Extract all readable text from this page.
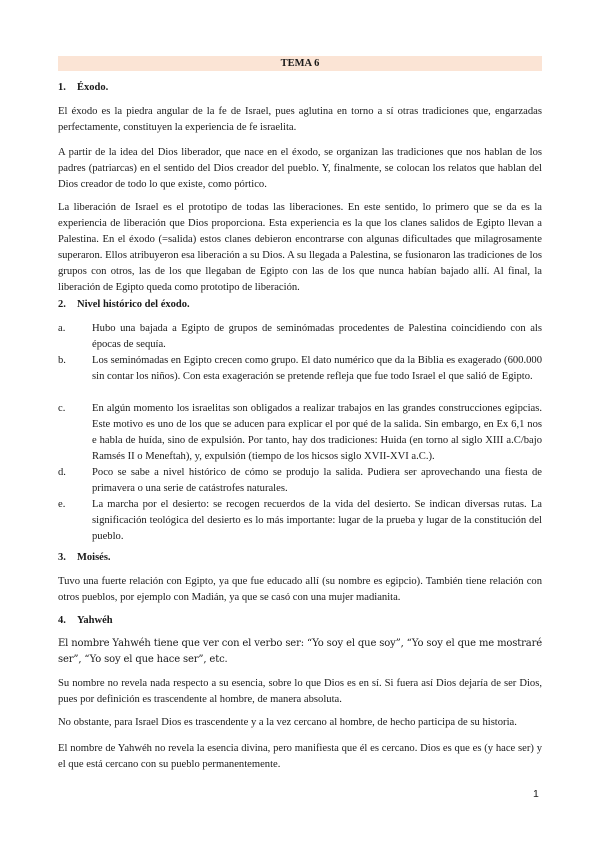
TEMA 6
1. Éxodo.

El éxodo es la piedra angular de la fe de Israel, pues aglutina en torno a sí otras tradiciones que, engarzadas perfectamente, constituyen la experiencia de fe israelita.

A partir de la idea del Dios liberador, que nace en el éxodo, se organizan las tradiciones que nos hablan de los padres (patriarcas) en el sentido del Dios creador del pueblo. Y, finalmente, se colocan los relatos que hablan del Dios creador de todo lo que existe, como pórtico.

La liberación de Israel es el prototipo de todas las liberaciones. En este sentido, lo primero que se da es la experiencia de liberación que Dios proporciona. Esta experiencia es la que los clanes salidos de Egipto llevan a Palestina. En el éxodo (=salida) estos clanes debieron encontrarse con algunas dificultades que milagrosamente superaron. Ellos atribuyeron esa liberación a su Dios. A su llegada a Palestina, se fusionaron las tradiciones de los grupos con otros, las de los que llegaban de Egipto con las de los que nunca habían bajado allí. Al final, la liberación de Egipto queda como prototipo de liberación.

2. Nivel histórico del éxodo.
a.	Hubo una bajada a Egipto de grupos de seminómadas procedentes de Palestina coincidiendo con als épocas de sequía.
b.	Los seminómadas en Egipto crecen como grupo. El dato numérico que da la Biblia es exagerado (600.000 sin contar los niños). Con esta exageración se pretende refleja que fue todo Israel el que salió de Egipto.
c.	En algún momento los israelitas son obligados a realizar trabajos en las grandes construcciones egipcias. Este motivo es uno de los que se aducen para explicar el por qué de la salida. Sin embargo, en Ex 6,1 nos e habla de huída, sino de expulsión. Por tanto, hay dos tradiciones: Huida (en torno al siglo XIII a.C/bajo Ramsés II o Meneftah), y, expulsión (tiempo de los hicsos siglo XVII-XVI a.C.).
d.	Poco se sabe a nivel histórico de cómo se produjo la salida. Pudiera ser aprovechando una fiesta de primavera o una serie de catástrofes naturales.
e.	La marcha por el desierto: se recogen recuerdos de la vida del desierto. Se indican diversas rutas. La significación teológica del desierto es lo más importante: lugar de la prueba y lugar de la constitución del pueblo.
3. Moisés.

Tuvo una fuerte relación con Egipto, ya que fue educado allí (su nombre es egipcio). También tiene relación con otros pueblos, por ejemplo con Madián, ya que se casó con una mujer madianita.

4. Yahwéh

El nombre Yahwéh tiene que ver con el verbo ser: “Yo soy el que soy”, “Yo soy el que me mostraré ser”, “Yo soy el que hace ser”, etc.

Su nombre no revela nada respecto a su esencia, sobre lo que Dios es en sí. Si fuera así Dios dejaría de ser Dios, pues por definición es trascendente al hombre, de manera absoluta.

No obstante, para Israel Dios es trascendente y a la vez cercano al hombre, de hecho participa de su historia.

El nombre de Yahwéh no revela la esencia divina, pero manifiesta que él es cercano. Dios es que es (y hace ser) y el que está cercano con su pueblo permanentemente.

1
